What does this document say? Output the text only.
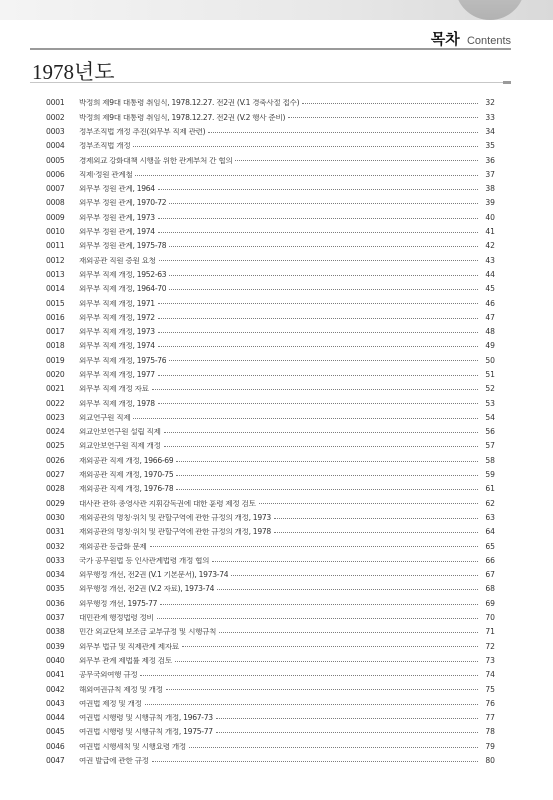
목차 Contents
1978년도
0001	박정희 제9대 대통령 취임식, 1978.12.27. 전2권 (V.1 경축사절 접수)	32
0002	박정희 제9대 대통령 취임식, 1978.12.27. 전2권 (V.2 행사 준비)	33
0003	정부조직법 개정 추진(외무부 직제 관련)	34
0004	정부조직법 개정	35
0005	경제외교 강화대책 시행을 위한 관계부처 간 협의	36
0006	직제·정원 관계철	37
0007	외무부 정원 관계, 1964	38
0008	외무부 정원 관계, 1970-72	39
0009	외무부 정원 관계, 1973	40
0010	외무부 정원 관계, 1974	41
0011	외무부 정원 관계, 1975-78	42
0012	재외공관 직원 증원 요청	43
0013	외무부 직제 개정, 1952-63	44
0014	외무부 직제 개정, 1964-70	45
0015	외무부 직제 개정, 1971	46
0016	외무부 직제 개정, 1972	47
0017	외무부 직제 개정, 1973	48
0018	외무부 직제 개정, 1974	49
0019	외무부 직제 개정, 1975-76	50
0020	외무부 직제 개정, 1977	51
0021	외무부 직제 개정 자료	52
0022	외무부 직제 개정, 1978	53
0023	외교연구원 직제	54
0024	외교안보연구원 설립 직제	56
0025	외교안보연구원 직제 개정	57
0026	재외공관 직제 개정, 1966-69	58
0027	재외공관 직제 개정, 1970-75	59
0028	재외공관 직제 개정, 1976-78	61
0029	대사관 관하 총영사관 지휘감독권에 대한 훈령 제정 검토	62
0030	재외공관의 명칭·위치 및 관할구역에 관한 규정의 개정, 1973	63
0031	재외공관의 명칭·위치 및 관할구역에 관한 규정의 개정, 1978	64
0032	재외공관 등급화 문제	65
0033	국가 공무원법 등 인사관계법령 개정 협의	66
0034	외무행정 개선, 전2권 (V.1 기본문서), 1973-74	67
0035	외무행정 개선, 전2권 (V.2 자료), 1973-74	68
0036	외무행정 개선, 1975-77	69
0037	대민관계 행정법령 정비	70
0038	민간 외교단체 보조금 교부규정 및 시행규칙	71
0039	외무부 법규 및 직제관계 제자료	72
0040	외무부 관계 제법률 제정 검토	73
0041	공무국외여행 규정	74
0042	해외여권규칙 제정 및 개정	75
0043	여권법 제정 및 개정	76
0044	여권법 시행령 및 시행규칙 개정, 1967-73	77
0045	여권법 시행령 및 시행규칙 개정, 1975-77	78
0046	여권법 시행세칙 및 시행요령 개정	79
0047	여권 발급에 관한 규정	80
